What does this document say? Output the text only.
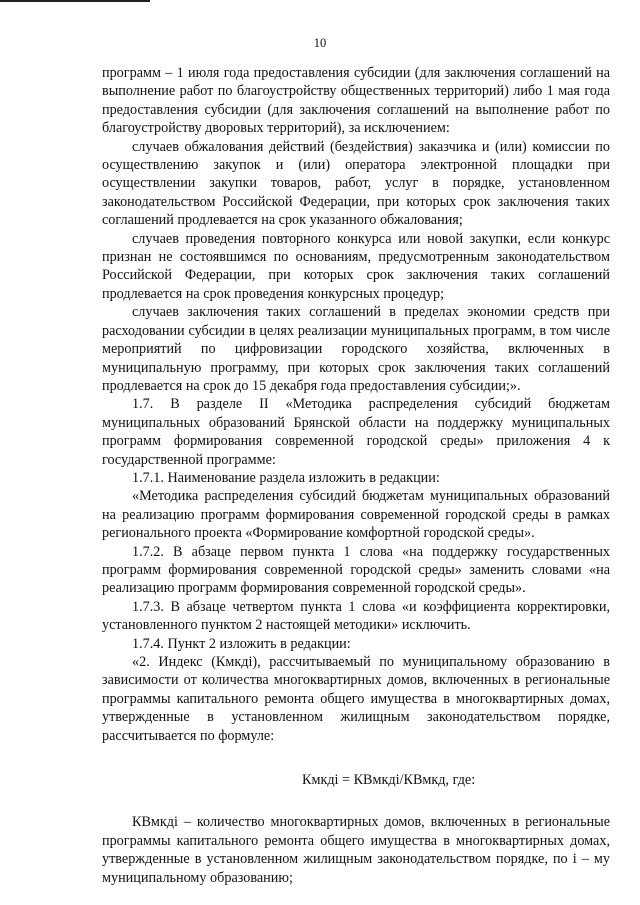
10

программ – 1 июля года предоставления субсидии (для заключения соглашений на выполнение работ по благоустройству общественных территорий) либо 1 мая года предоставления субсидии (для заключения соглашений на выполнение работ по благоустройству дворовых территорий), за исключением:

случаев обжалования действий (бездействия) заказчика и (или) комиссии по осуществлению закупок и (или) оператора электронной площадки при осуществлении закупки товаров, работ, услуг в порядке, установленном законодательством Российской Федерации, при которых срок заключения таких соглашений продлевается на срок указанного обжалования;

случаев проведения повторного конкурса или новой закупки, если конкурс признан не состоявшимся по основаниям, предусмотренным законодательством Российской Федерации, при которых срок заключения таких соглашений продлевается на срок проведения конкурсных процедур;

случаев заключения таких соглашений в пределах экономии средств при расходовании субсидии в целях реализации муниципальных программ, в том числе мероприятий по цифровизации городского хозяйства, включенных в муниципальную программу, при которых срок заключения таких соглашений продлевается на срок до 15 декабря года предоставления субсидии;».

1.7. В разделе II «Методика распределения субсидий бюджетам муниципальных образований Брянской области на поддержку муниципальных программ формирования современной городской среды» приложения 4 к государственной программе:

1.7.1. Наименование раздела изложить в редакции:

«Методика распределения субсидий бюджетам муниципальных образований на реализацию программ формирования современной городской среды в рамках регионального проекта «Формирование комфортной городской среды».

1.7.2. В абзаце первом пункта 1 слова «на поддержку государственных программ формирования современной городской среды» заменить словами «на реализацию программ формирования современной городской среды».

1.7.3. В абзаце четвертом пункта 1 слова «и коэффициента корректировки, установленного пунктом 2 настоящей методики» исключить.

1.7.4. Пункт 2 изложить в редакции:

«2. Индекс (Кмкдi), рассчитываемый по муниципальному образованию в зависимости от количества многоквартирных домов, включенных в региональные программы капитального ремонта общего имущества в многоквартирных домах, утвержденные в установленном жилищным законодательством порядке, рассчитывается по формуле:

Кмкдi = КВмкдi/КВмкд, где:

КВмкдi – количество многоквартирных домов, включенных в региональные программы капитального ремонта общего имущества в многоквартирных домах, утвержденные в установленном жилищным законодательством порядке, по i – му муниципальному образованию;
